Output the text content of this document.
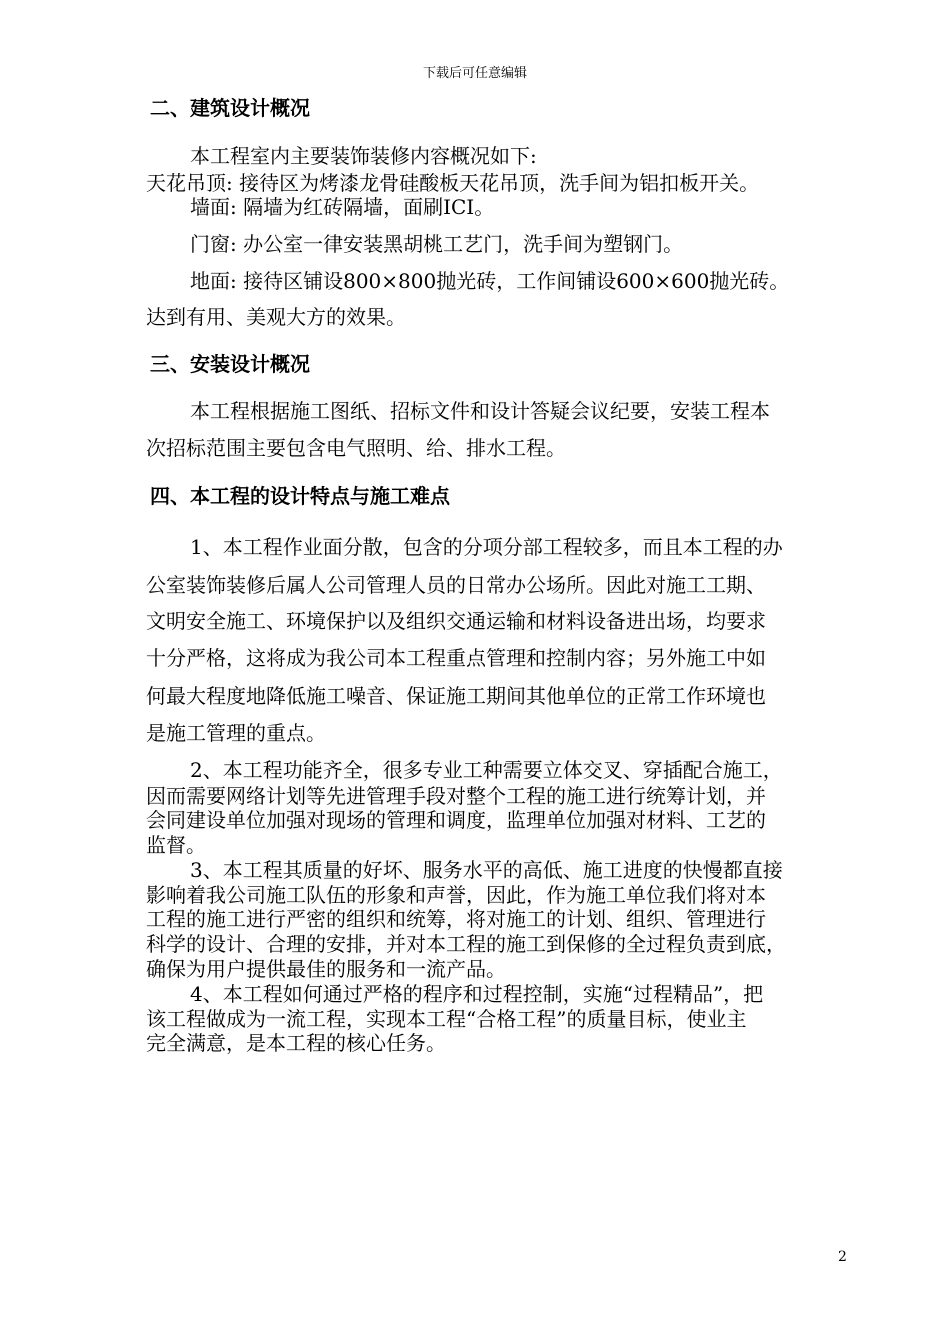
下载后可任意编辑
二、建筑设计概况
本工程室内主要装饰装修内容概况如下:
天花吊顶: 接待区为烤漆龙骨硅酸板天花吊顶，洗手间为铝扣板开关。
墙面: 隔墙为红砖隔墙，面刷ICI。
门窗: 办公室一律安装黑胡桃工艺门，洗手间为塑钢门。
地面: 接待区铺设800×800抛光砖，工作间铺设600×600抛光砖。
达到有用、美观大方的效果。
三、安装设计概况
本工程根据施工图纸、招标文件和设计答疑会议纪要，安装工程本
次招标范围主要包含电气照明、给、排水工程。
四、本工程的设计特点与施工难点
1、本工程作业面分散，包含的分项分部工程较多，而且本工程的办
公室装饰装修后属人公司管理人员的日常办公场所。因此对施工工期、
文明安全施工、环境保护以及组织交通运输和材料设备进出场，均要求
十分严格，这将成为我公司本工程重点管理和控制内容；另外施工中如
何最大程度地降低施工噪音、保证施工期间其他单位的正常工作环境也
是施工管理的重点。
2、本工程功能齐全，很多专业工种需要立体交叉、穿插配合施工，
因而需要网络计划等先进管理手段对整个工程的施工进行统筹计划，并
会同建设单位加强对现场的管理和调度，监理单位加强对材料、工艺的
监督。
3、本工程其质量的好坏、服务水平的高低、施工进度的快慢都直接
影响着我公司施工队伍的形象和声誉，因此，作为施工单位我们将对本
工程的施工进行严密的组织和统筹，将对施工的计划、组织、管理进行
科学的设计、合理的安排，并对本工程的施工到保修的全过程负责到底，
确保为用户提供最佳的服务和一流产品。
4、本工程如何通过严格的程序和过程控制，实施“过程精品”，把
该工程做成为一流工程，实现本工程“合格工程”的质量目标，使业主
完全满意，是本工程的核心任务。
2
